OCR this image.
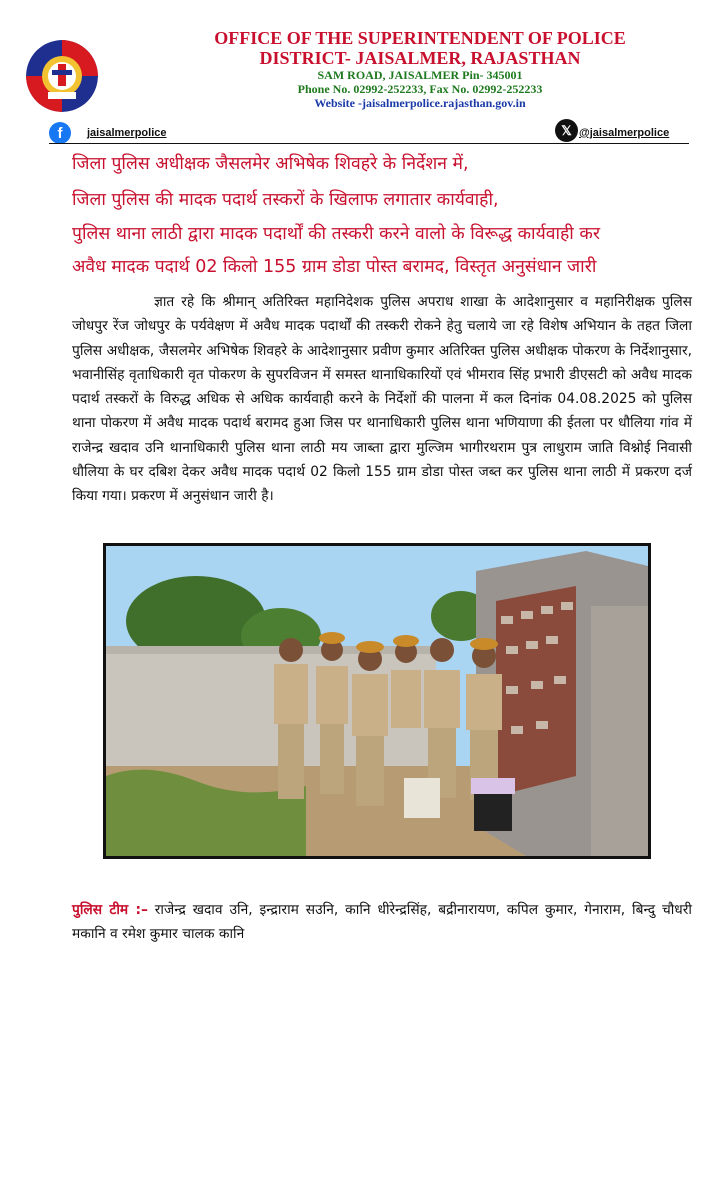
OFFICE OF THE SUPERINTENDENT OF POLICE
DISTRICT- JAISALMER, RAJASTHAN
SAM ROAD, JAISALMER Pin- 345001
Phone No. 02992-252233, Fax No. 02992-252233
Website -jaisalmerpolice.rajasthan.gov.in
f	jaisalmerpolice	𝕏 @jaisalmerpolice
जिला पुलिस अधीक्षक जैसलमेर अभिषेक शिवहरे के निर्देशन में,
जिला पुलिस की मादक पदार्थ तस्करों के खिलाफ लगातार कार्यवाही,
पुलिस थाना लाठी द्वारा मादक पदार्थों की तस्करी करने वालो के विरूद्ध कार्यवाही कर
अवैध मादक पदार्थ 02 किलो 155 ग्राम डोडा पोस्त बरामद, विस्तृत अनुसंधान जारी
ज्ञात रहे कि श्रीमान् अतिरिक्त महानिदेशक पुलिस अपराध शाखा के आदेशानुसार व महानिरीक्षक पुलिस जोधपुर रेंज जोधपुर के पर्यवेक्षण में अवैध मादक पदार्थों की तस्करी रोकने हेतु चलाये जा रहे विशेष अभियान के तहत जिला पुलिस अधीक्षक, जैसलमेर अभिषेक शिवहरे के आदेशानुसार प्रवीण कुमार अतिरिक्त पुलिस अधीक्षक पोकरण के निर्देशानुसार, भवानीसिंह वृताधिकारी वृत पोकरण के सुपरविजन में समस्त थानाधिकारियों एवं भीमराव सिंह प्रभारी डीएसटी को अवैध मादक पदार्थ तस्करों के विरुद्ध अधिक से अधिक कार्यवाही करने के निर्देशों की पालना में कल दिनांक 04.08.2025 को पुलिस थाना पोकरण में अवैध मादक पदार्थ बरामद हुआ जिस पर थानाधिकारी पुलिस थाना भणियाणा की ईतला पर धौलिया गांव में राजेन्द्र खदाव उनि थानाधिकारी पुलिस थाना लाठी मय जाब्ता द्वारा मुल्जिम भागीरथराम पुत्र लाधुराम जाति विश्नोई निवासी धौलिया के घर दबिश देकर अवैध मादक पदार्थ 02 किलो 155 ग्राम डोडा पोस्त जब्त कर पुलिस थाना लाठी में प्रकरण दर्ज किया गया। प्रकरण में अनुसंधान जारी है।
पुलिस टीम :– राजेन्द्र खदाव उनि, इन्द्राराम सउनि, कानि धीरेन्द्रसिंह, बद्रीनारायण, कपिल कुमार, गेनाराम, बिन्दु चौधरी मकानि व रमेश कुमार चालक कानि
